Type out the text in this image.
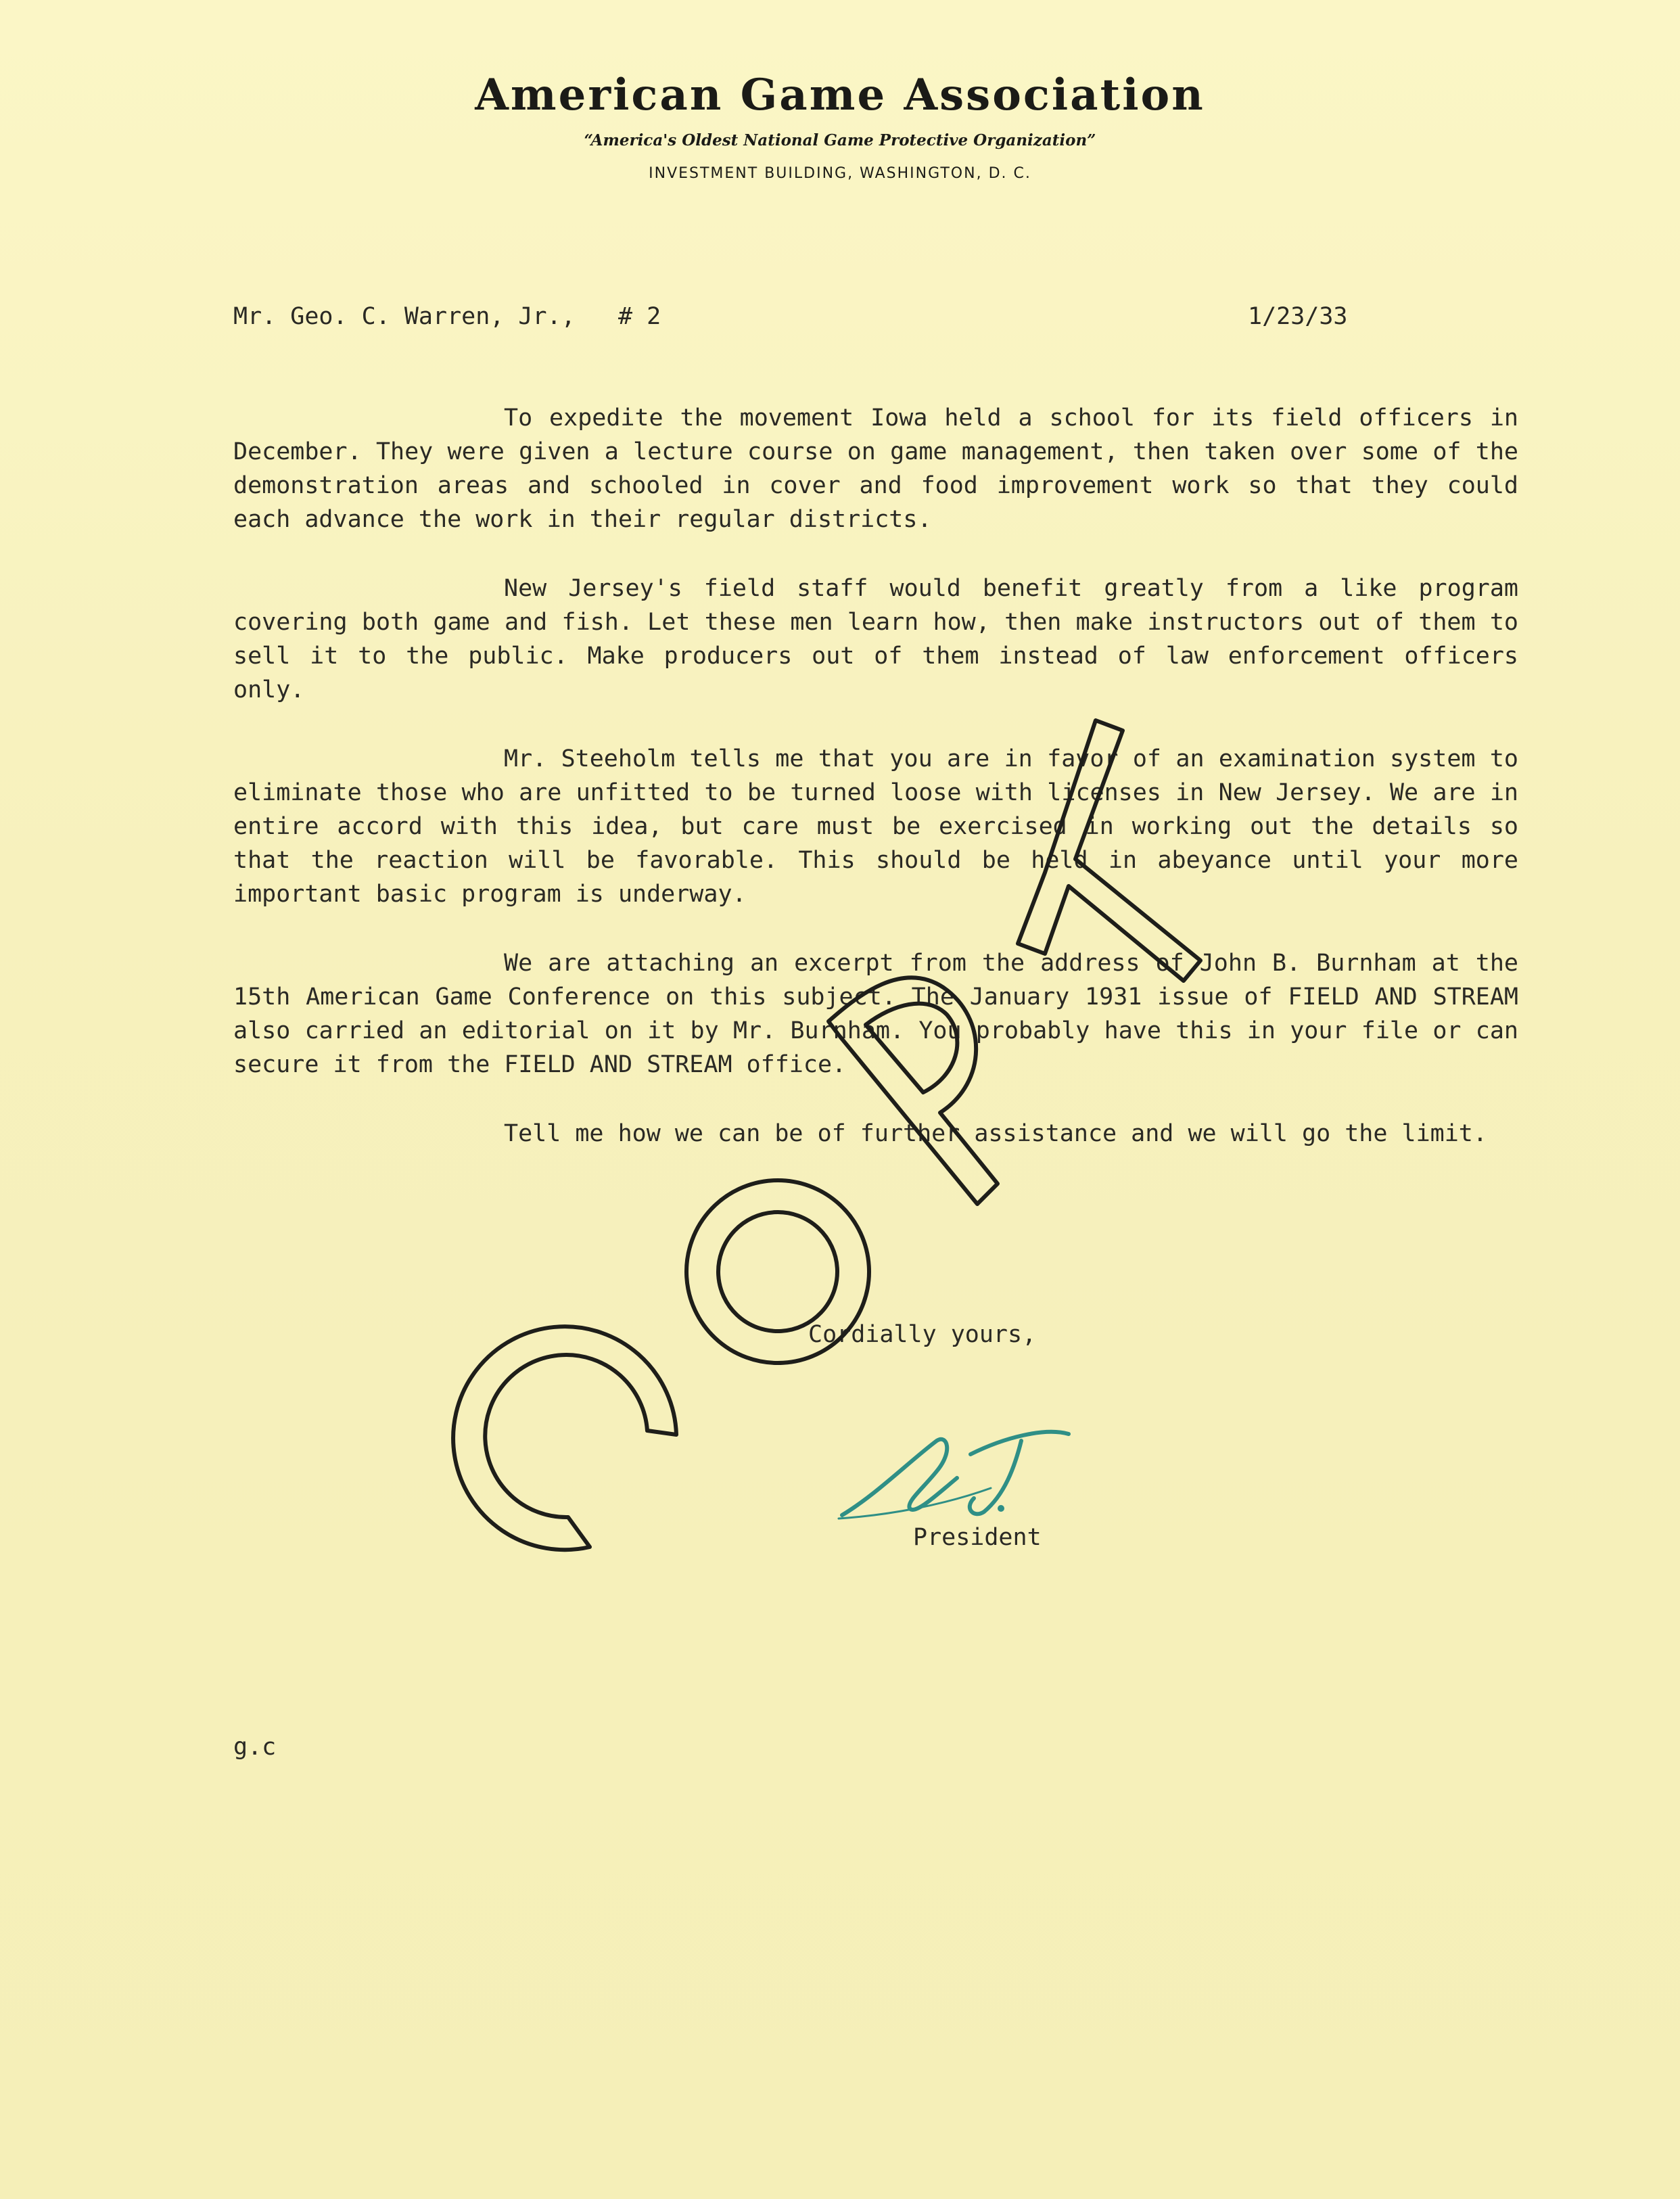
American Game Association
“America's Oldest National Game Protective Organization”
INVESTMENT BUILDING, WASHINGTON, D. C.
Mr. Geo. C. Warren, Jr.,   # 2	1/23/33

To expedite the movement Iowa held a school for its field officers in December. They were given a lecture course on game management, then taken over some of the demonstration areas and schooled in cover and food improvement work so that they could each advance the work in their regular districts.

New Jersey's field staff would benefit greatly from a like program covering both game and fish. Let these men learn how, then make instructors out of them to sell it to the public. Make producers out of them instead of law enforcement officers only.

Mr. Steeholm tells me that you are in favor of an examination system to eliminate those who are unfitted to be turned loose with licenses in New Jersey. We are in entire accord with this idea, but care must be exercised in working out the details so that the reaction will be favorable. This should be held in abeyance until your more important basic program is underway.

We are attaching an excerpt from the address of John B. Burnham at the 15th American Game Conference on this subject. The January 1931 issue of FIELD AND STREAM also carried an editorial on it by Mr. Burnham. You probably have this in your file or can secure it from the FIELD AND STREAM office.

Tell me how we can be of further assistance and we will go the limit.

Cordially yours,
President
g.c
